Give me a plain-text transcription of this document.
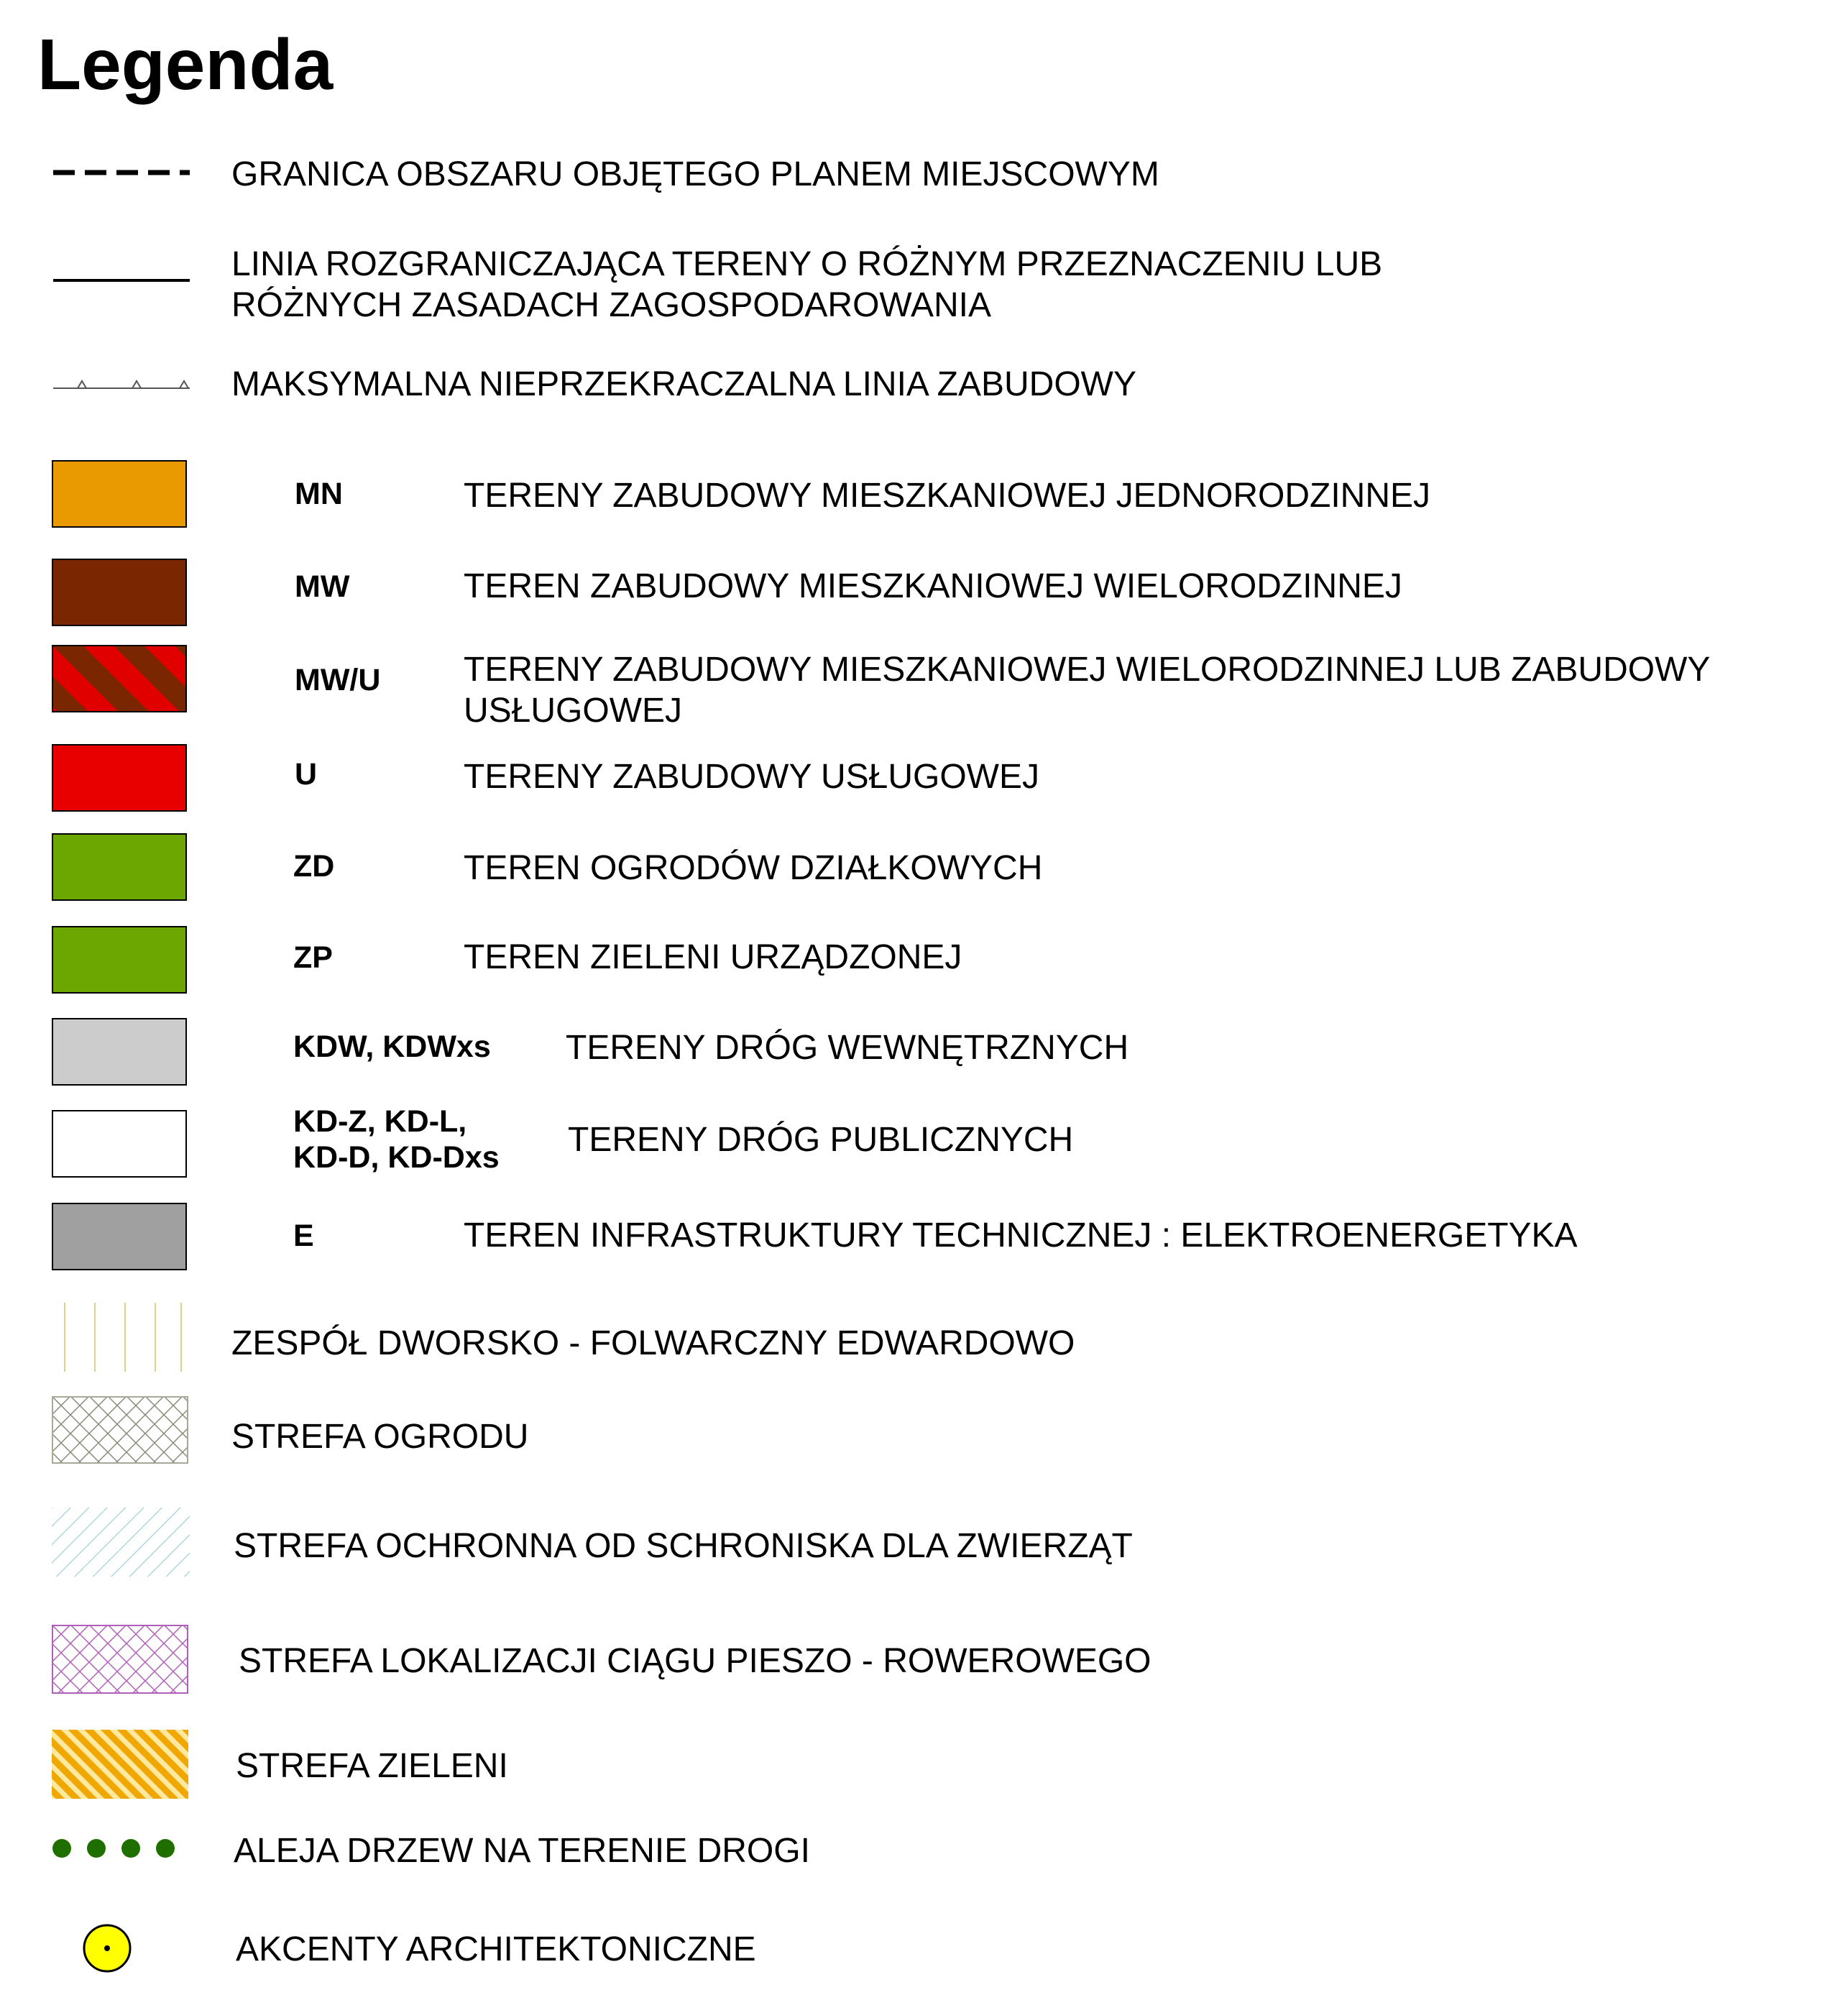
Legenda
GRANICA OBSZARU OBJĘTEGO PLANEM MIEJSCOWYM
LINIA ROZGRANICZAJĄCA TERENY O RÓŻNYM PRZEZNACZENIU LUB
RÓŻNYCH ZASADACH ZAGOSPODAROWANIA
MAKSYMALNA NIEPRZEKRACZALNA LINIA ZABUDOWY
MN	TERENY ZABUDOWY MIESZKANIOWEJ JEDNORODZINNEJ
MW	TEREN ZABUDOWY MIESZKANIOWEJ WIELORODZINNEJ
MW/U TERENY ZABUDOWY MIESZKANIOWEJ WIELORODZINNEJ LUB ZABUDOWY
USŁUGOWEJ
U	TERENY ZABUDOWY USŁUGOWEJ
ZD	TEREN OGRODÓW DZIAŁKOWYCH
ZP	TEREN ZIELENI URZĄDZONEJ
KDW, KDWxs TERENY DRÓG WEWNĘTRZNYCH
KD-Z, KD-L,
KD-D, KD-Dxs TERENY DRÓG PUBLICZNYCH
E	TEREN INFRASTRUKTURY TECHNICZNEJ : ELEKTROENERGETYKA
ZESPÓŁ DWORSKO - FOLWARCZNY EDWARDOWO
STREFA OGRODU
STREFA OCHRONNA OD SCHRONISKA DLA ZWIERZĄT
STREFA LOKALIZACJI CIĄGU PIESZO - ROWEROWEGO
STREFA ZIELENI
ALEJA DRZEW NA TERENIE DROGI
AKCENTY ARCHITEKTONICZNE
